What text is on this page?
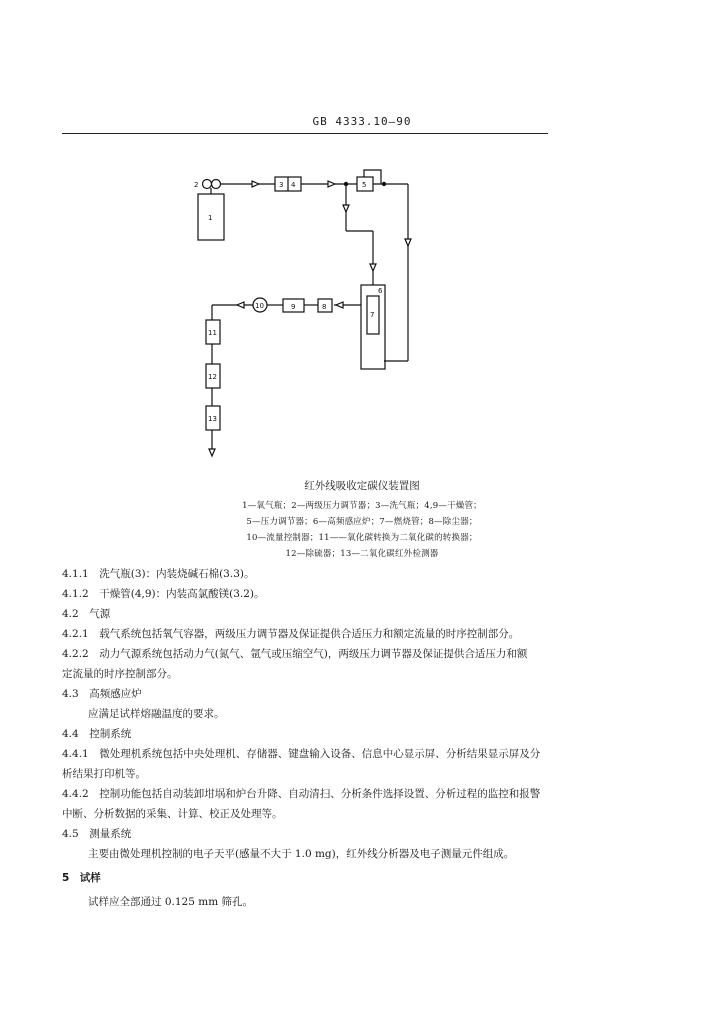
GB 4333.10—90
1
2	3 4	5
6
7
8
9
10
11
12
13
红外线吸收定碳仪装置图
1—氧气瓶；2—两级压力调节器；3—洗气瓶；4,9—干燥管；
5—压力调节器；6—高频感应炉；7—燃烧管；8—除尘器；
10—流量控制器；11——氧化碳转换为二氧化碳的转换器；
12—除硫器；13—二氧化碳红外检测器
4.1.1　洗气瓶(3)：内装烧碱石棉(3.3)。
4.1.2　干燥管(4,9)：内装高氯酸镁(3.2)。
4.2　气源
4.2.1　载气系统包括氧气容器，两级压力调节器及保证提供合适压力和额定流量的时序控制部分。
4.2.2　动力气源系统包括动力气(氮气、氩气或压缩空气)，两级压力调节器及保证提供合适压力和额
定流量的时序控制部分。
4.3　高频感应炉
应满足试样熔融温度的要求。
4.4　控制系统
4.4.1　微处理机系统包括中央处理机、存储器、键盘输入设备、信息中心显示屏、分析结果显示屏及分
析结果打印机等。
4.4.2　控制功能包括自动装卸坩埚和炉台升降、自动清扫、分析条件选择设置、分析过程的监控和报警
中断、分析数据的采集、计算、校正及处理等。
4.5　测量系统
主要由微处理机控制的电子天平(感量不大于 1.0 mg)，红外线分析器及电子测量元件组成。
5　试样
试样应全部通过 0.125 mm 筛孔。
